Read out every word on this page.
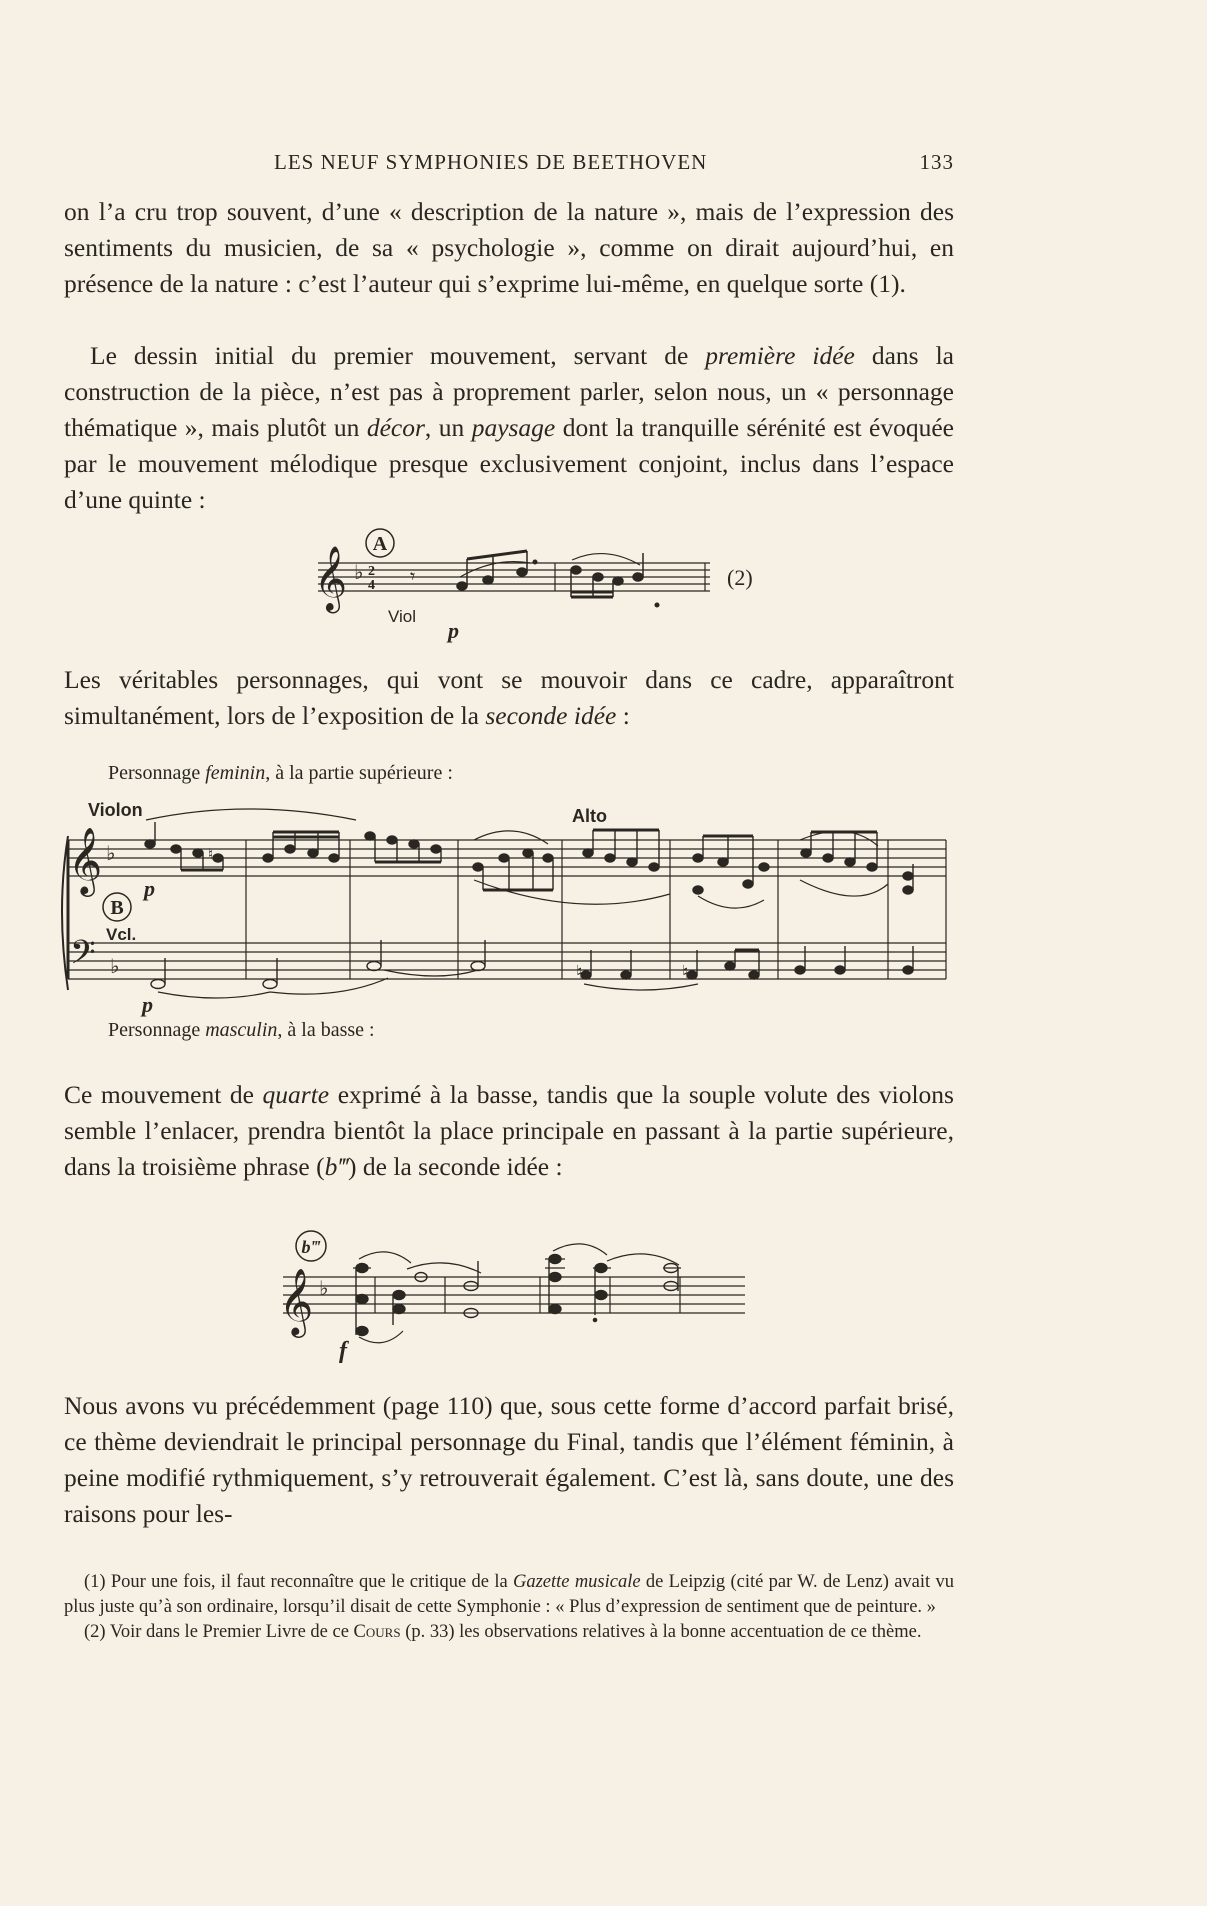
LES NEUF SYMPHONIES DE BEETHOVEN	133

on l’a cru trop souvent, d’une « description de la nature », mais de l’expression des sentiments du musicien, de sa « psychologie », comme on dirait aujourd’hui, en présence de la nature : c’est l’auteur qui s’exprime lui-même, en quelque sorte (1).

Le dessin initial du premier mouvement, servant de première idée dans la construction de la pièce, n’est pas à proprement parler, selon nous, un « personnage thématique », mais plutôt un décor, un paysage dont la tranquille sérénité est évoquée par le mouvement mélodique presque exclusivement conjoint, inclus dans l’espace d’une quinte :

𝄞 ♭ 2
4 𝄾
A
Viol
p
(2)

Les véritables personnages, qui vont se mouvoir dans ce cadre, apparaîtront simultanément, lors de l’exposition de la seconde idée :

Personnage feminin, à la partie supérieure :
𝄞 ♭
𝄢 ♭	♮	♮
♮
Violon	Alto
Vcl.
B
p
p
Personnage masculin, à la basse :

Ce mouvement de quarte exprimé à la basse, tandis que la souple volute des violons semble l’enlacer, prendra bientôt la place principale en passant à la partie supérieure, dans la troisième phrase (b‴) de la seconde idée :

𝄞 ♭
b‴
f

Nous avons vu précédemment (page 110) que, sous cette forme d’accord parfait brisé, ce thème deviendrait le principal personnage du Final, tandis que l’élément féminin, à peine modifié rythmiquement, s’y retrouverait également. C’est là, sans doute, une des raisons pour les-

(1) Pour une fois, il faut reconnaître que le critique de la Gazette musicale de Leipzig (cité par W. de Lenz) avait vu plus juste qu’à son ordinaire, lorsqu’il disait de cette Symphonie : « Plus d’expression de sentiment que de peinture. »

(2) Voir dans le Premier Livre de ce Cours (p. 33) les observations relatives à la bonne accentuation de ce thème.
